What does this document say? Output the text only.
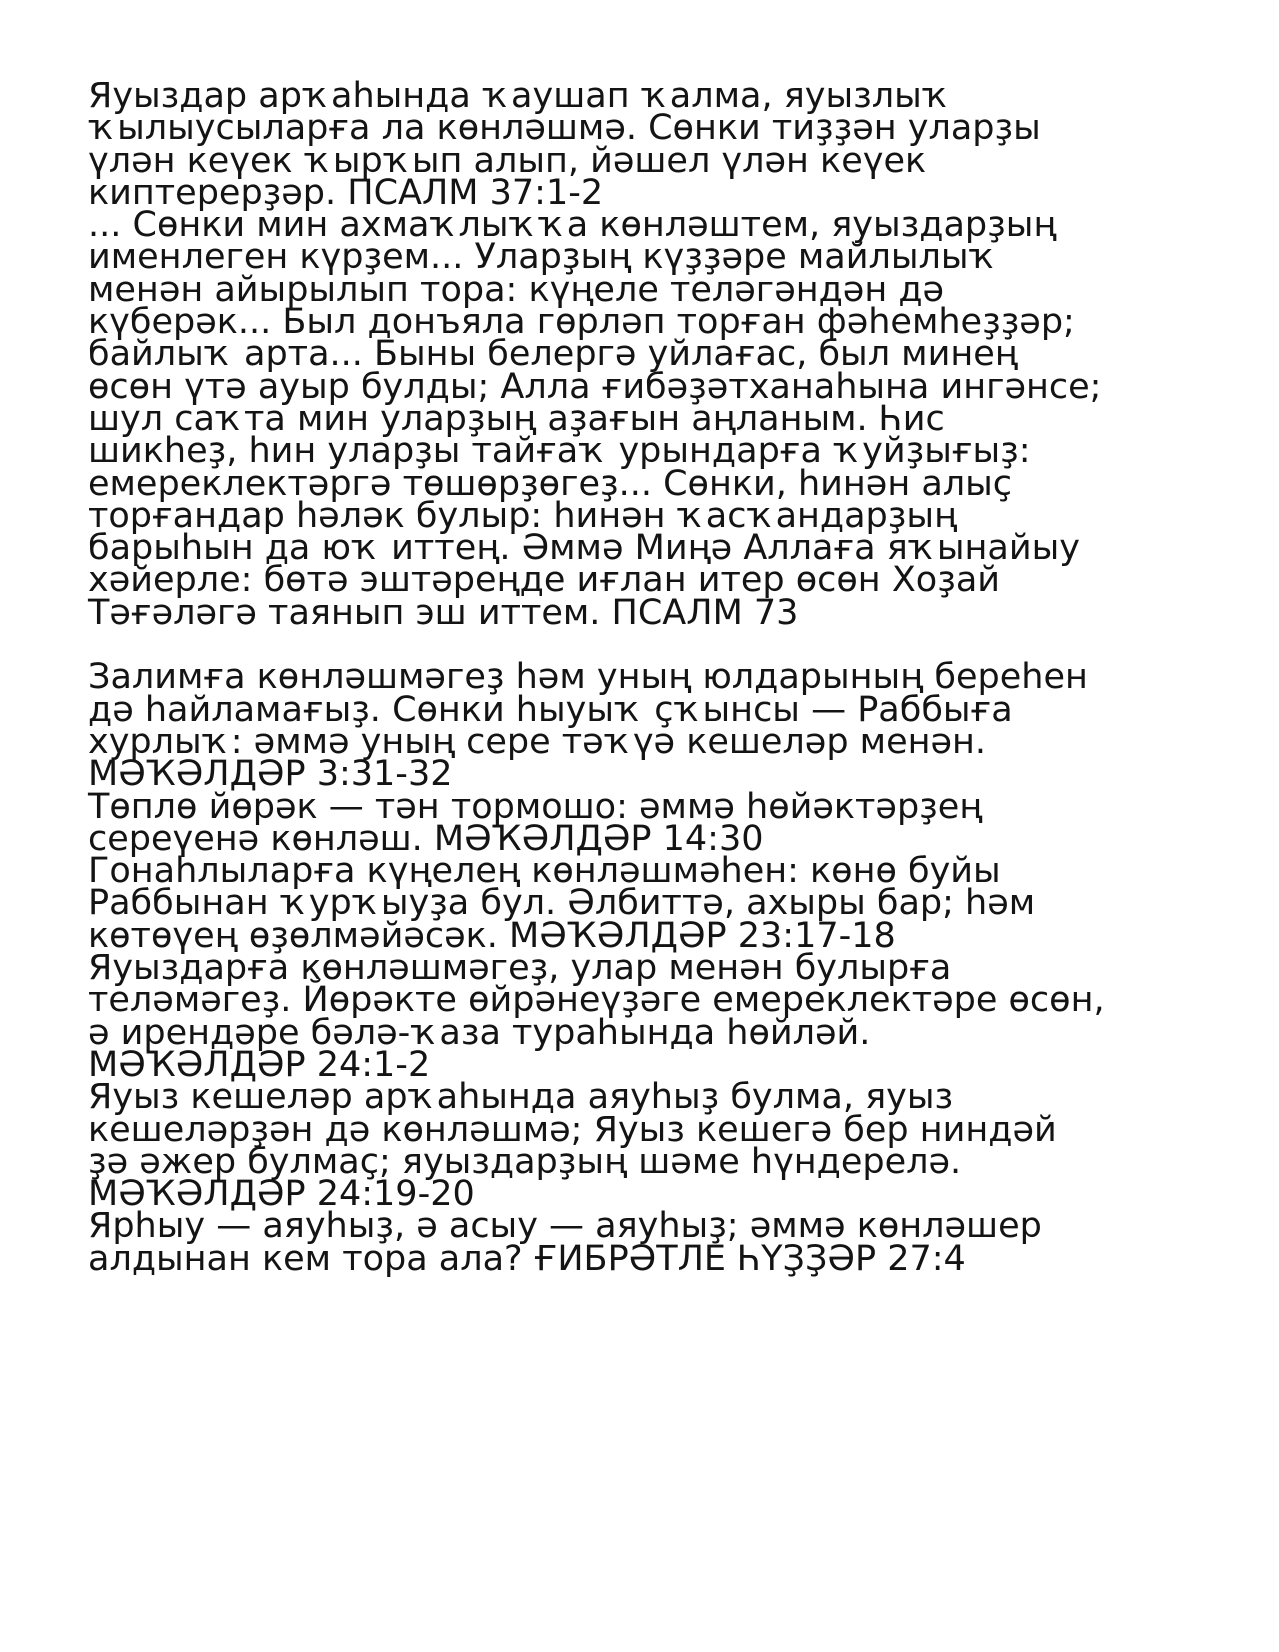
Яуыздар арҡаһында ҡаушап ҡалма, яуызлыҡ
ҡылыусыларға ла көнләшмә. Сөнки тиҙҙән уларҙы
үлән кеүек ҡырҡып алып, йәшел үлән кеүек
киптерерҙәр. ПСАЛМ 37:1-2
... Сөнки мин ахмаҡлыҡҡа көнләштем, яуыздарҙың
именлеген күрҙем... Уларҙың күҙҙәре майлылыҡ
менән айырылып тора: күңеле теләгәндән дә
күберәк... Был донъяла гөрләп торған фәһемһеҙҙәр;
байлыҡ арта... Быны белергә уйлағас, был минең
өсөн үтә ауыр булды; Алла ғибәҙәтханаһына ингәнсе;
шул саҡта мин уларҙың аҙағын аңланым. Һис
шикһеҙ, һин уларҙы тайғаҡ урындарға ҡуйҙығыҙ:
емереклектәргә төшөрҙөгеҙ... Сөнки, һинән алыҫ
торғандар һәләк булыр: һинән ҡасҡандарҙың
барыһын да юҡ иттең. Әммә Миңә Аллаға яҡынайыу
хәйерле: бөтә эштәреңде иғлан итер өсөн Хоҙай
Тәғәләгә таянып эш иттем. ПСАЛМ 73
Залимға көнләшмәгеҙ һәм уның юлдарының береһен
дә һайламағыҙ. Сөнки һыуыҡ ҫҡынсы — Раббыға
хурлыҡ: әммә уның сере тәҡүә кешеләр менән.
МӘҠӘЛДӘР 3:31-32
Төплө йөрәк — тән тормошо: әммә һөйәктәрҙең
сереүенә көнләш. МӘҠӘЛДӘР 14:30
Гонаһлыларға күңелең көнләшмәһен: көнө буйы
Раббынан ҡурҡыуҙа бул. Әлбиттә, ахыры бар; һәм
көтөүең өҙөлмәйәсәк. МӘҠӘЛДӘР 23:17-18
Яуыздарға көнләшмәгеҙ, улар менән булырға
теләмәгеҙ. Йөрәкте өйрәнеүҙәге емереклектәре өсөн,
ә ирендәре бәлә-ҡаза тураһында һөйләй.
МӘҠӘЛДӘР 24:1-2
Яуыз кешеләр арҡаһында аяуһыҙ булма, яуыз
кешеләрҙән дә көнләшмә; Яуыз кешегә бер ниндәй
ҙә әжер булмаҫ; яуыздарҙың шәме һүндерелә.
МӘҠӘЛДӘР 24:19-20
Ярһыу — аяуһыҙ, ә асыу — аяуһыҙ; әммә көнләшер
алдынан кем тора ала? ҒИБРӘТЛЕ ҺҮҘҘӘР 27:4
